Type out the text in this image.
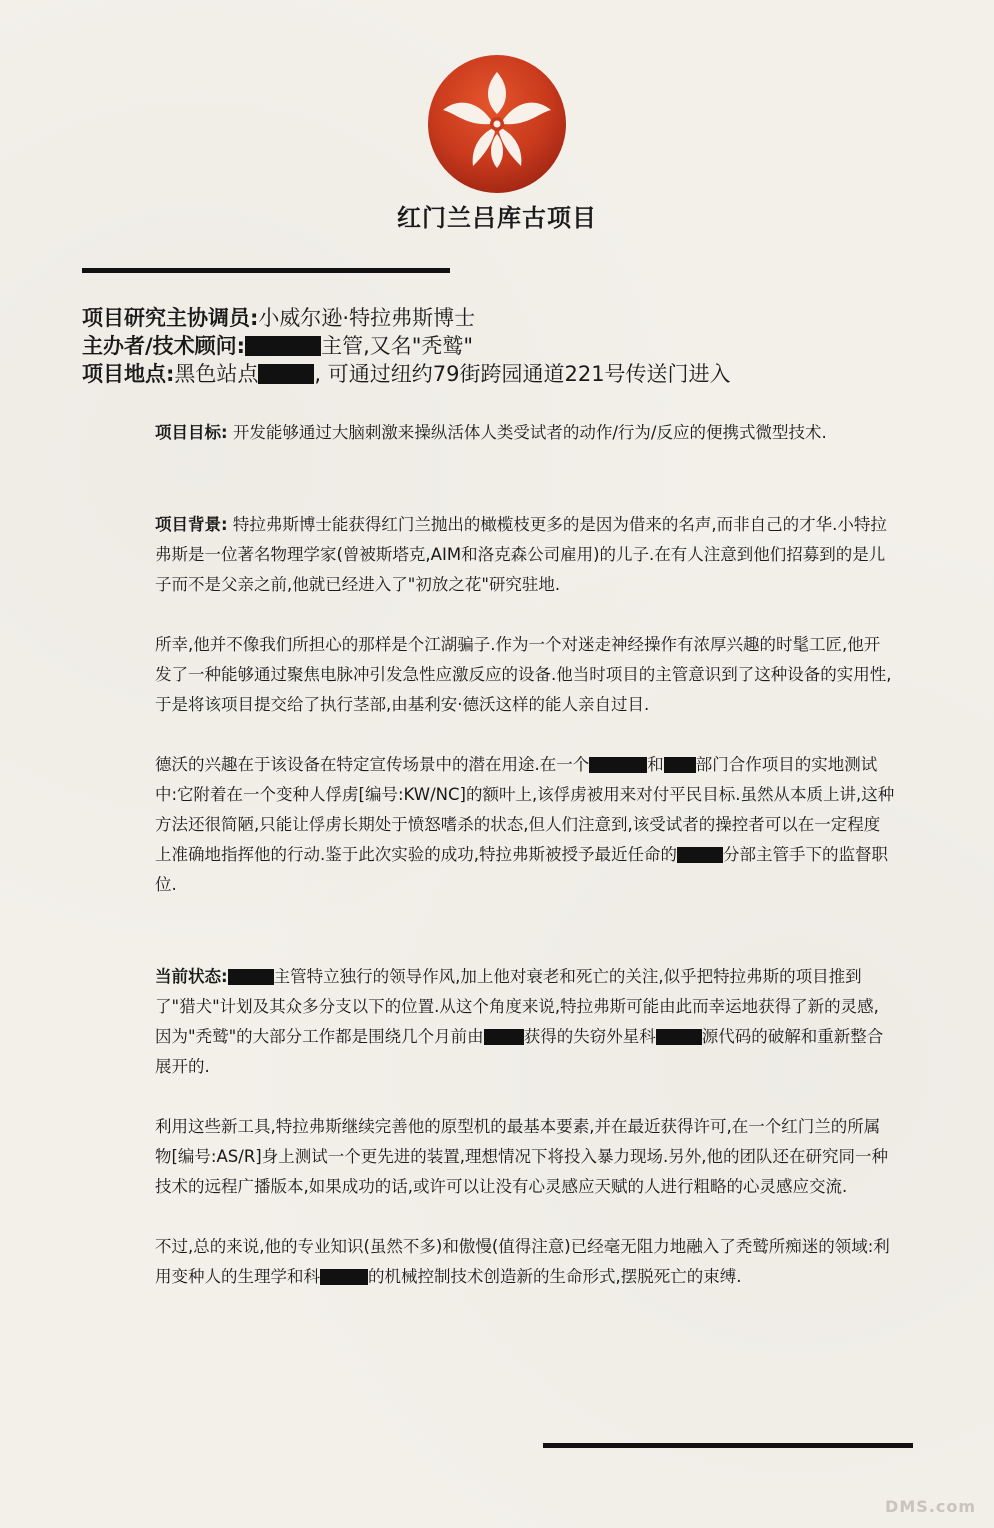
红门兰吕库古项目
项目研究主协调员:小威尔逊·特拉弗斯博士
主办者/技术顾问:	主管,又名"秃鹫"
项目地点:黑色站点	, 可通过纽约79街跨园通道221号传送门进入

项目目标: 开发能够通过大脑刺激来操纵活体人类受试者的动作/行为/反应的便携式微型技术.

项目背景: 特拉弗斯博士能获得红门兰抛出的橄榄枝更多的是因为借来的名声,而非自己的才华.小特拉弗斯是一位著名物理学家(曾被斯塔克,AIM和洛克森公司雇用)的儿子.在有人注意到他们招募到的是儿子而不是父亲之前,他就已经进入了"初放之花"研究驻地.

所幸,他并不像我们所担心的那样是个江湖骗子.作为一个对迷走神经操作有浓厚兴趣的时髦工匠,他开发了一种能够通过聚焦电脉冲引发急性应激反应的设备.他当时项目的主管意识到了这种设备的实用性,于是将该项目提交给了执行茎部,由基利安·德沃这样的能人亲自过目.

德沃的兴趣在于该设备在特定宣传场景中的潜在用途.在一个	和 部门合作项目的实地测试中:它附着在一个变种人俘虏[编号:KW/NC]的额叶上,该俘虏被用来对付平民目标.虽然从本质上讲,这种方法还很简陋,只能让俘虏长期处于愤怒嗜杀的状态,但人们注意到,该受试者的操控者可以在一定程度上准确地指挥他的行动.鉴于此次实验的成功,特拉弗斯被授予最近任命的	分部主管手下的监督职位.

当前状态:	主管特立独行的领导作风,加上他对衰老和死亡的关注,似乎把特拉弗斯的项目推到了"猎犬"计划及其众多分支以下的位置.从这个角度来说,特拉弗斯可能由此而幸运地获得了新的灵感,因为"秃鹫"的大部分工作都是围绕几个月前由 获得的失窃外星科	源代码的破解和重新整合展开的.

利用这些新工具,特拉弗斯继续完善他的原型机的最基本要素,并在最近获得许可,在一个红门兰的所属物[编号:AS/R]身上测试一个更先进的装置,理想情况下将投入暴力现场.另外,他的团队还在研究同一种技术的远程广播版本,如果成功的话,或许可以让没有心灵感应天赋的人进行粗略的心灵感应交流.

不过,总的来说,他的专业知识(虽然不多)和傲慢(值得注意)已经毫无阻力地融入了秃鹫所痴迷的领域:利用变种人的生理学和科	的机械控制技术创造新的生命形式,摆脱死亡的束缚.

DMS.com
